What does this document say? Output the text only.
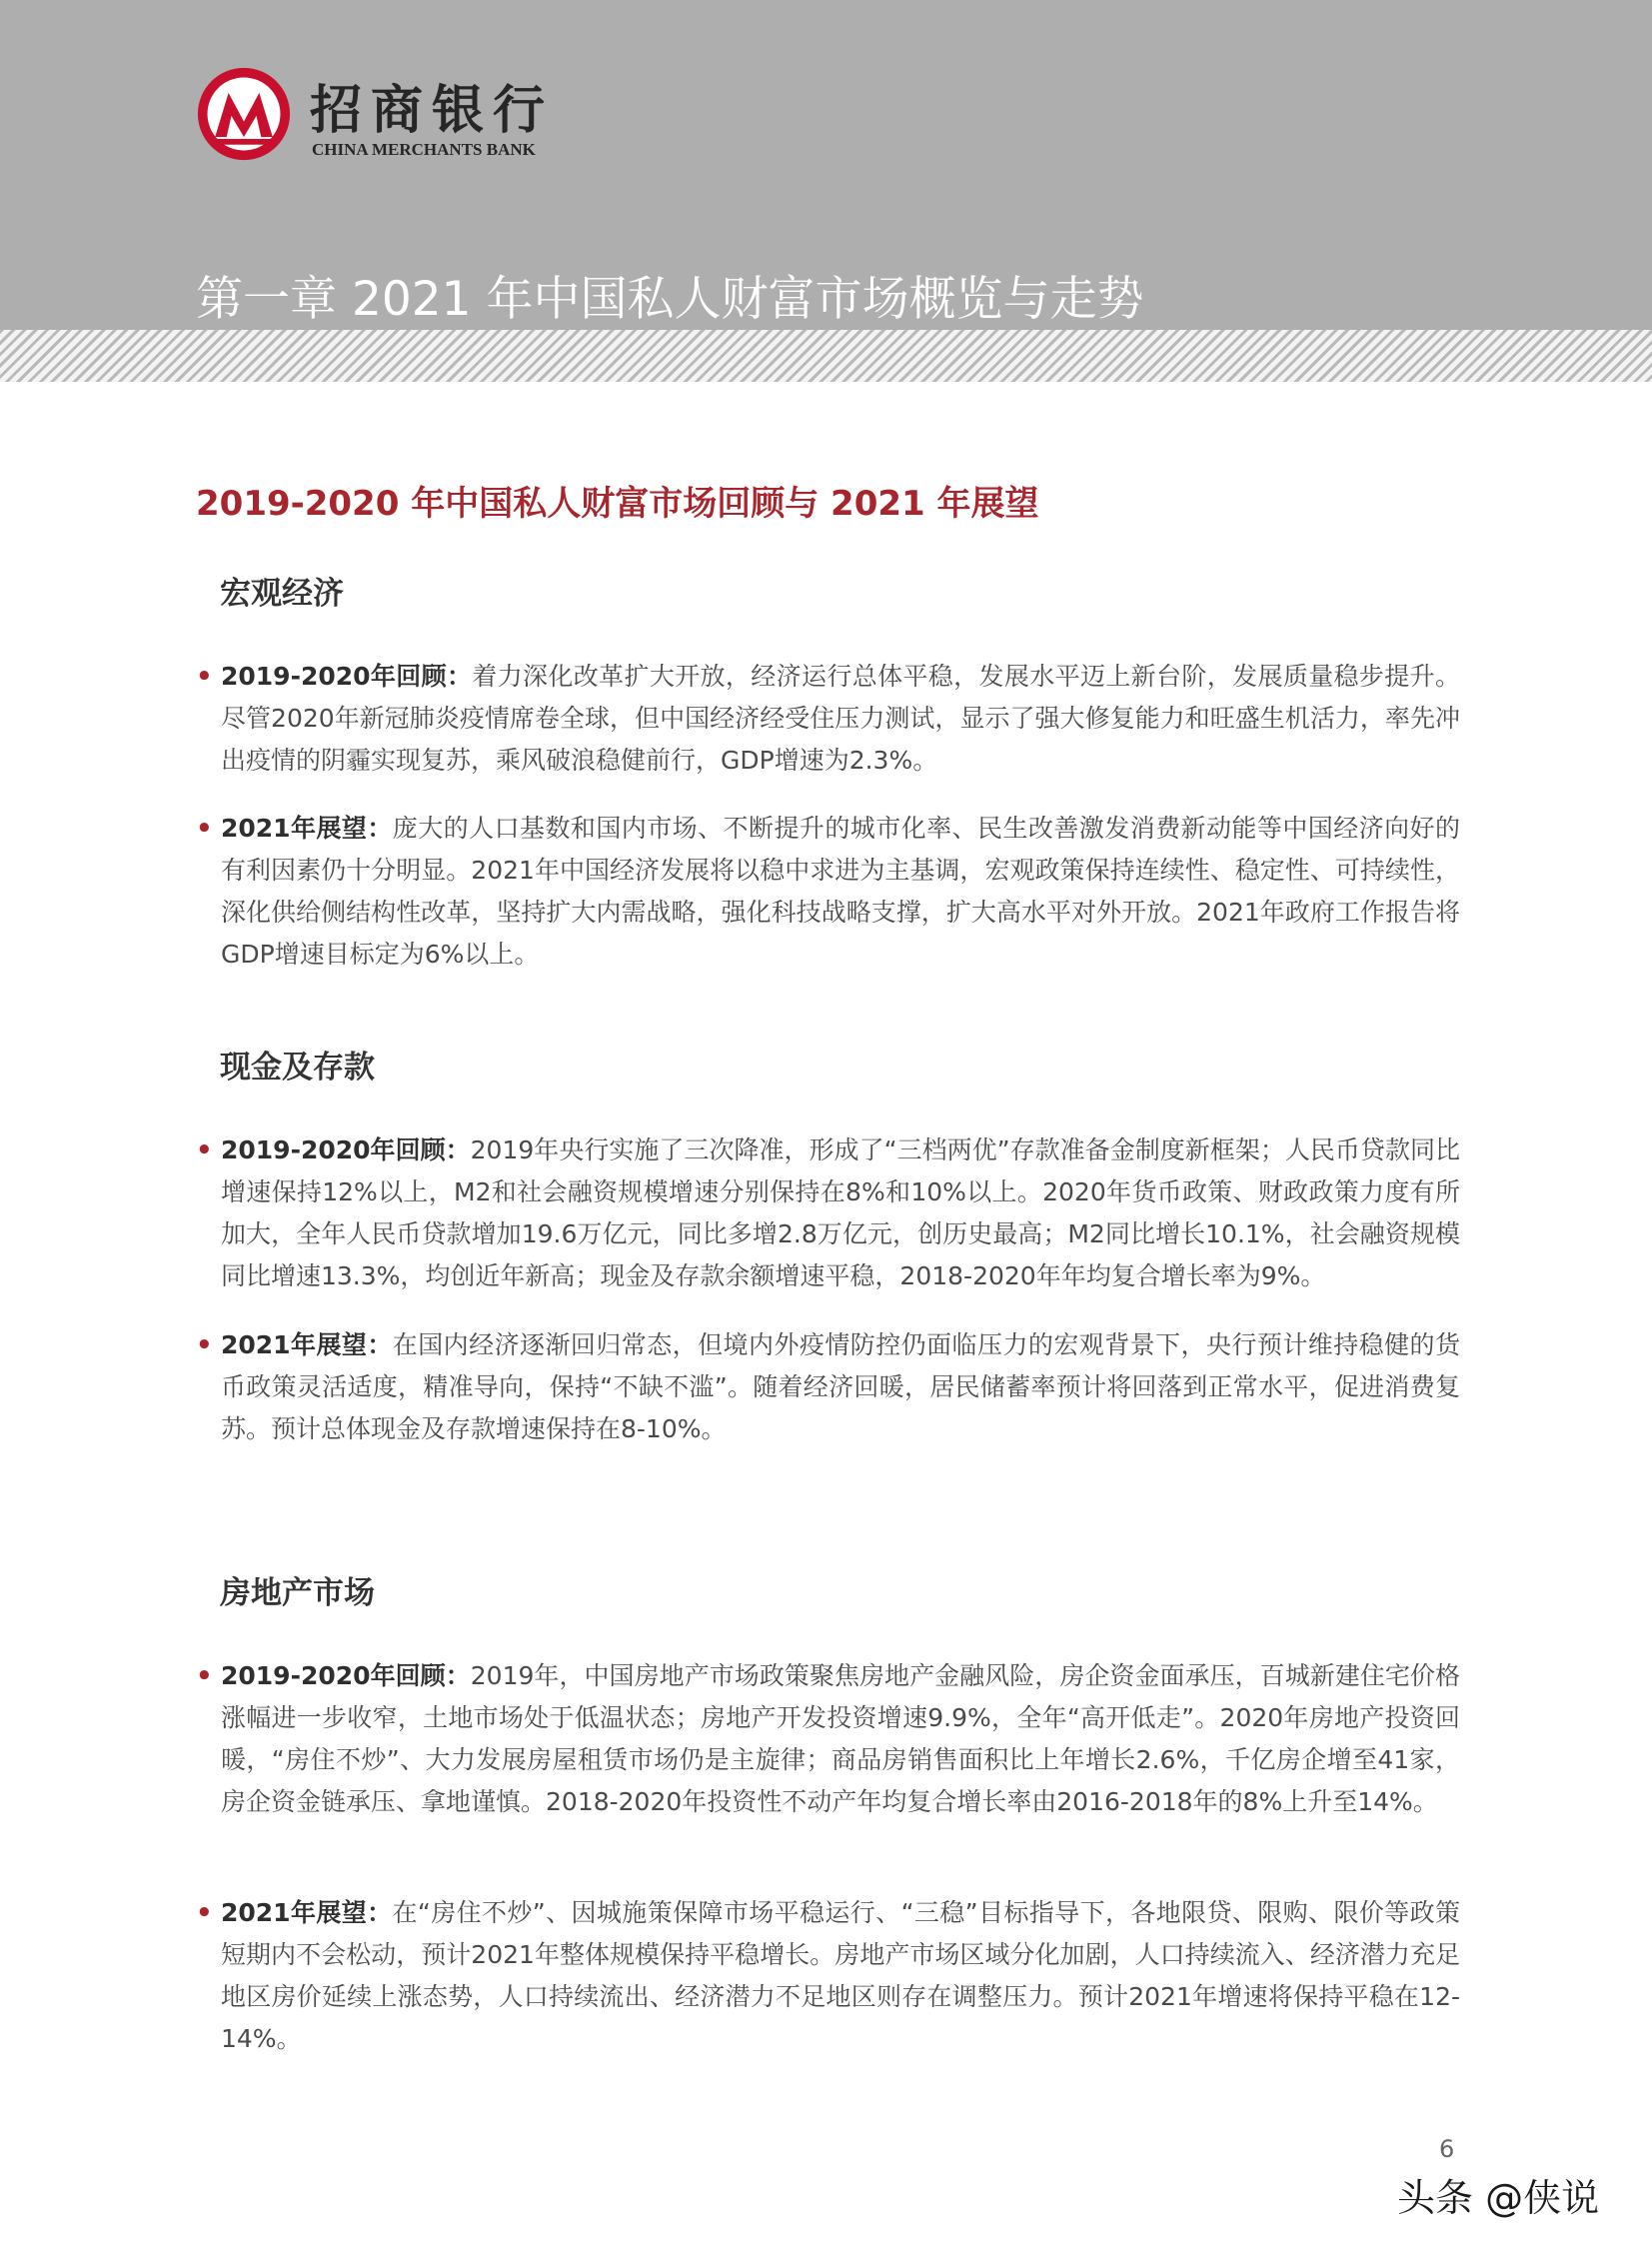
招商银行
CHINA MERCHANTS BANK
第一章 2021 年中国私人财富市场概览与走势
2019-2020 年中国私人财富市场回顾与 2021 年展望
宏观经济
• 2019-2020年回顾：着力深化改革扩大开放，经济运行总体平稳，发展水平迈上新台阶，发展质量稳步提升。尽管2020年新冠肺炎疫情席卷全球，但中国经济经受住压力测试，显示了强大修复能力和旺盛生机活力，率先冲出疫情的阴霾实现复苏，乘风破浪稳健前行，GDP增速为2.3%。
• 2021年展望：庞大的人口基数和国内市场、不断提升的城市化率、民生改善激发消费新动能等中国经济向好的有利因素仍十分明显。2021年中国经济发展将以稳中求进为主基调，宏观政策保持连续性、稳定性、可持续性，深化供给侧结构性改革，坚持扩大内需战略，强化科技战略支撑，扩大高水平对外开放。2021年政府工作报告将GDP增速目标定为6%以上。
现金及存款
• 2019-2020年回顾：2019年央行实施了三次降准，形成了“三档两优”存款准备金制度新框架；人民币贷款同比增速保持12%以上，M2和社会融资规模增速分别保持在8%和10%以上。2020年货币政策、财政政策力度有所加大，全年人民币贷款增加19.6万亿元，同比多增2.8万亿元，创历史最高；M2同比增长10.1%，社会融资规模同比增速13.3%，均创近年新高；现金及存款余额增速平稳，2018-2020年年均复合增长率为9%。
• 2021年展望：在国内经济逐渐回归常态，但境内外疫情防控仍面临压力的宏观背景下，央行预计维持稳健的货币政策灵活适度，精准导向，保持“不缺不滥”。随着经济回暖，居民储蓄率预计将回落到正常水平，促进消费复苏。预计总体现金及存款增速保持在8-10%。
房地产市场
• 2019-2020年回顾：2019年，中国房地产市场政策聚焦房地产金融风险，房企资金面承压，百城新建住宅价格涨幅进一步收窄，土地市场处于低温状态；房地产开发投资增速9.9%，全年“高开低走”。2020年房地产投资回暖，“房住不炒”、大力发展房屋租赁市场仍是主旋律；商品房销售面积比上年增长2.6%，千亿房企增至41家，房企资金链承压、拿地谨慎。2018-2020年投资性不动产年均复合增长率由2016-2018年的8%上升至14%。
• 2021年展望：在“房住不炒”、因城施策保障市场平稳运行、“三稳”目标指导下，各地限贷、限购、限价等政策短期内不会松动，预计2021年整体规模保持平稳增长。房地产市场区域分化加剧，人口持续流入、经济潜力充足地区房价延续上涨态势，人口持续流出、经济潜力不足地区则存在调整压力。预计2021年增速将保持平稳在12-14%。
6
头条 @侠说
